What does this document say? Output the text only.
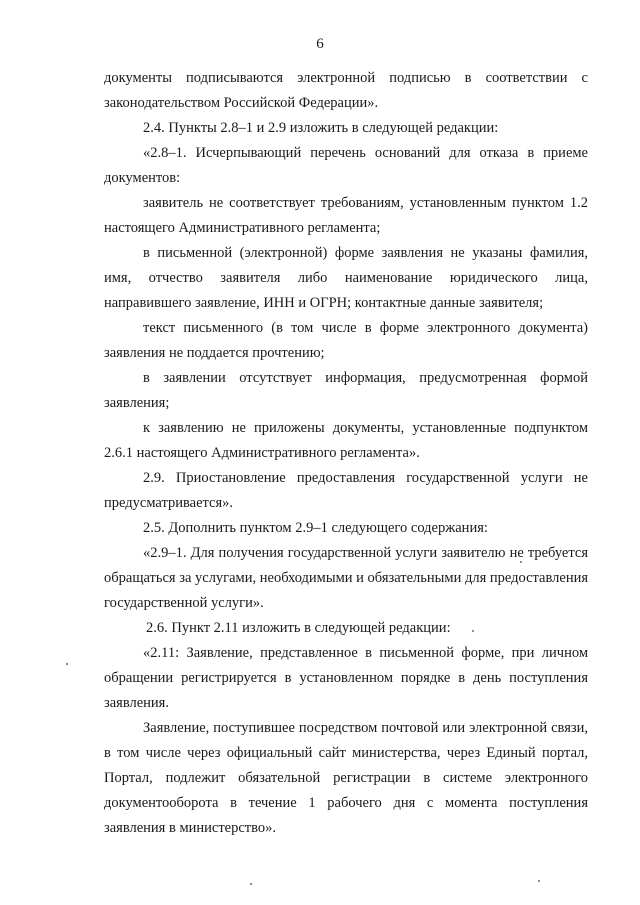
6

документы подписываются электронной подписью в соответствии с законодательством Российской Федерации».

2.4. Пункты 2.8–1 и 2.9 изложить в следующей редакции:

«2.8–1. Исчерпывающий перечень оснований для отказа в приеме документов:

заявитель не соответствует требованиям, установленным пунктом 1.2 настоящего Административного регламента;

в письменной (электронной) форме заявления не указаны фамилия, имя, отчество заявителя либо наименование юридического лица, направившего заявление, ИНН и ОГРН; контактные данные заявителя;

текст письменного (в том числе в форме электронного документа) заявления не поддается прочтению;

в заявлении отсутствует информация, предусмотренная формой заявления;

к заявлению не приложены документы, установленные подпунктом 2.6.1 настоящего Административного регламента».

2.9. Приостановление предоставления государственной услуги не предусматривается».

2.5. Дополнить пунктом 2.9–1 следующего содержания:

«2.9–1. Для получения государственной услуги заявителю не требуется обращаться за услугами, необходимыми и обязательными для предоставления государственной услуги».

2.6. Пункт 2.11 изложить в следующей редакции:

«2.11: Заявление, представленное в письменной форме, при личном обращении регистрируется в установленном порядке в день поступления заявления.

Заявление, поступившее посредством почтовой или электронной связи, в том числе через официальный сайт министерства, через Единый портал, Портал, подлежит обязательной регистрации в системе электронного документооборота в течение 1 рабочего дня с момента поступления заявления в министерство».
